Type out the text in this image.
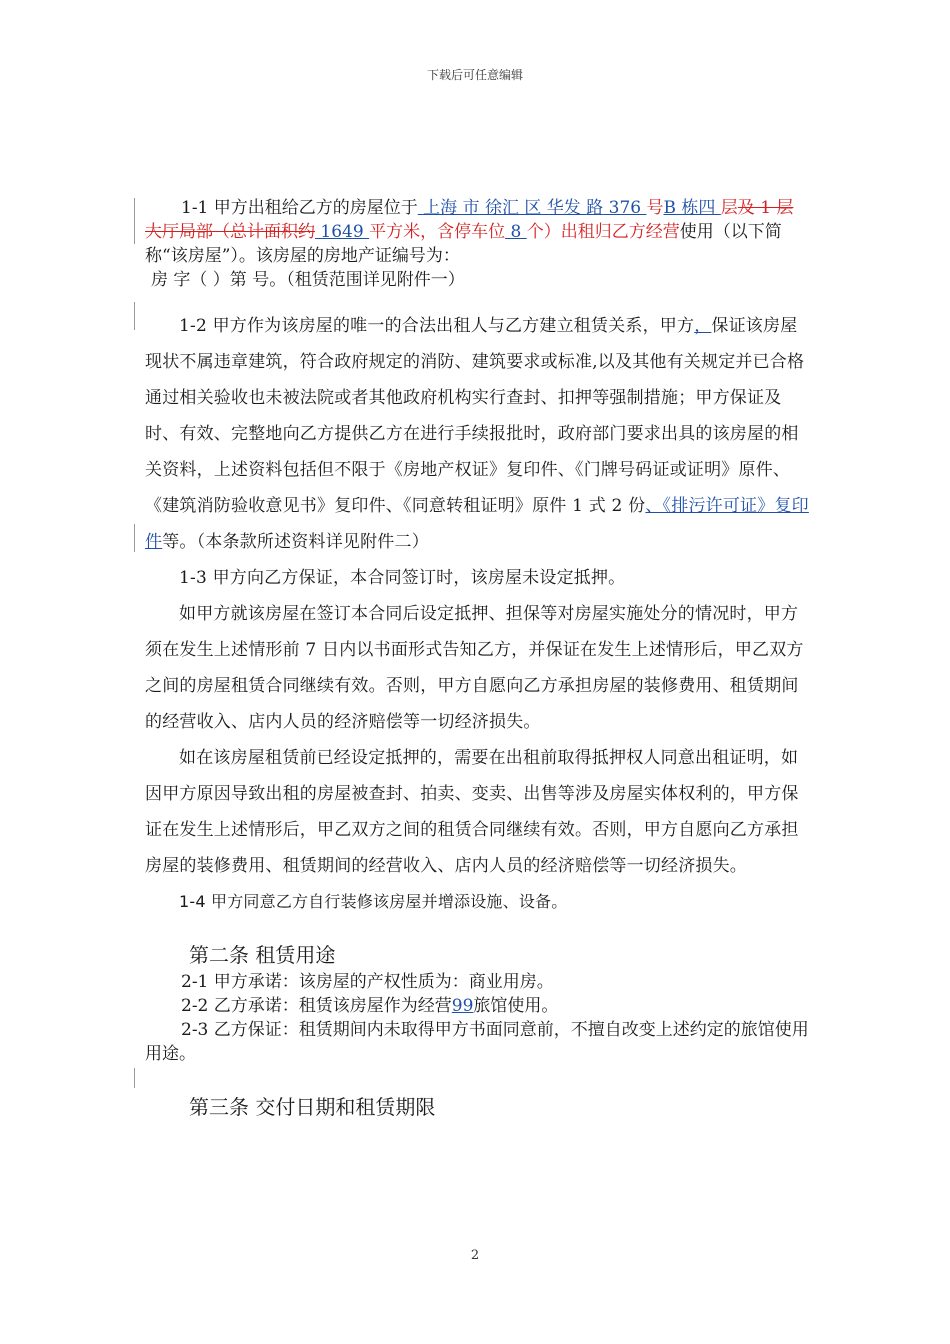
下载后可任意编辑

1-1 甲方出租给乙方的房屋位于 上海 市 徐汇 区 华发 路 376 号B 栋四 层及 1 层大厅局部（总计面积约 1649 平方米，含停车位 8 个）出租归乙方经营使用（以下简称“该房屋”）。该房屋的房地产证编号为：
房 字（ ）第 号。（租赁范围详见附件一）

1-2 甲方作为该房屋的唯一的合法出租人与乙方建立租赁关系，甲方，保证该房屋现状不属违章建筑，符合政府规定的消防、建筑要求或标准,以及其他有关规定并已合格通过相关验收也未被法院或者其他政府机构实行查封、扣押等强制措施；甲方保证及时、有效、完整地向乙方提供乙方在进行手续报批时，政府部门要求出具的该房屋的相关资料，上述资料包括但不限于《房地产权证》复印件、《门牌号码证或证明》原件、《建筑消防验收意见书》复印件、《同意转租证明》原件 1 式 2 份、《排污许可证》复印件等。（本条款所述资料详见附件二）

1-3 甲方向乙方保证，本合同签订时，该房屋未设定抵押。

如甲方就该房屋在签订本合同后设定抵押、担保等对房屋实施处分的情况时，甲方须在发生上述情形前 7 日内以书面形式告知乙方，并保证在发生上述情形后，甲乙双方之间的房屋租赁合同继续有效。否则，甲方自愿向乙方承担房屋的装修费用、租赁期间的经营收入、店内人员的经济赔偿等一切经济损失。

如在该房屋租赁前已经设定抵押的，需要在出租前取得抵押权人同意出租证明，如因甲方原因导致出租的房屋被查封、拍卖、变卖、出售等涉及房屋实体权利的，甲方保证在发生上述情形后，甲乙双方之间的租赁合同继续有效。否则，甲方自愿向乙方承担房屋的装修费用、租赁期间的经营收入、店内人员的经济赔偿等一切经济损失。

1-4 甲方同意乙方自行装修该房屋并增添设施、设备。

第二条 租赁用途

2-1 甲方承诺：该房屋的产权性质为：商业用房。

2-2 乙方承诺：租赁该房屋作为经营99旅馆使用。

2-3 乙方保证：租赁期间内未取得甲方书面同意前，不擅自改变上述约定的旅馆使用用途。

第三条 交付日期和租赁期限

2
